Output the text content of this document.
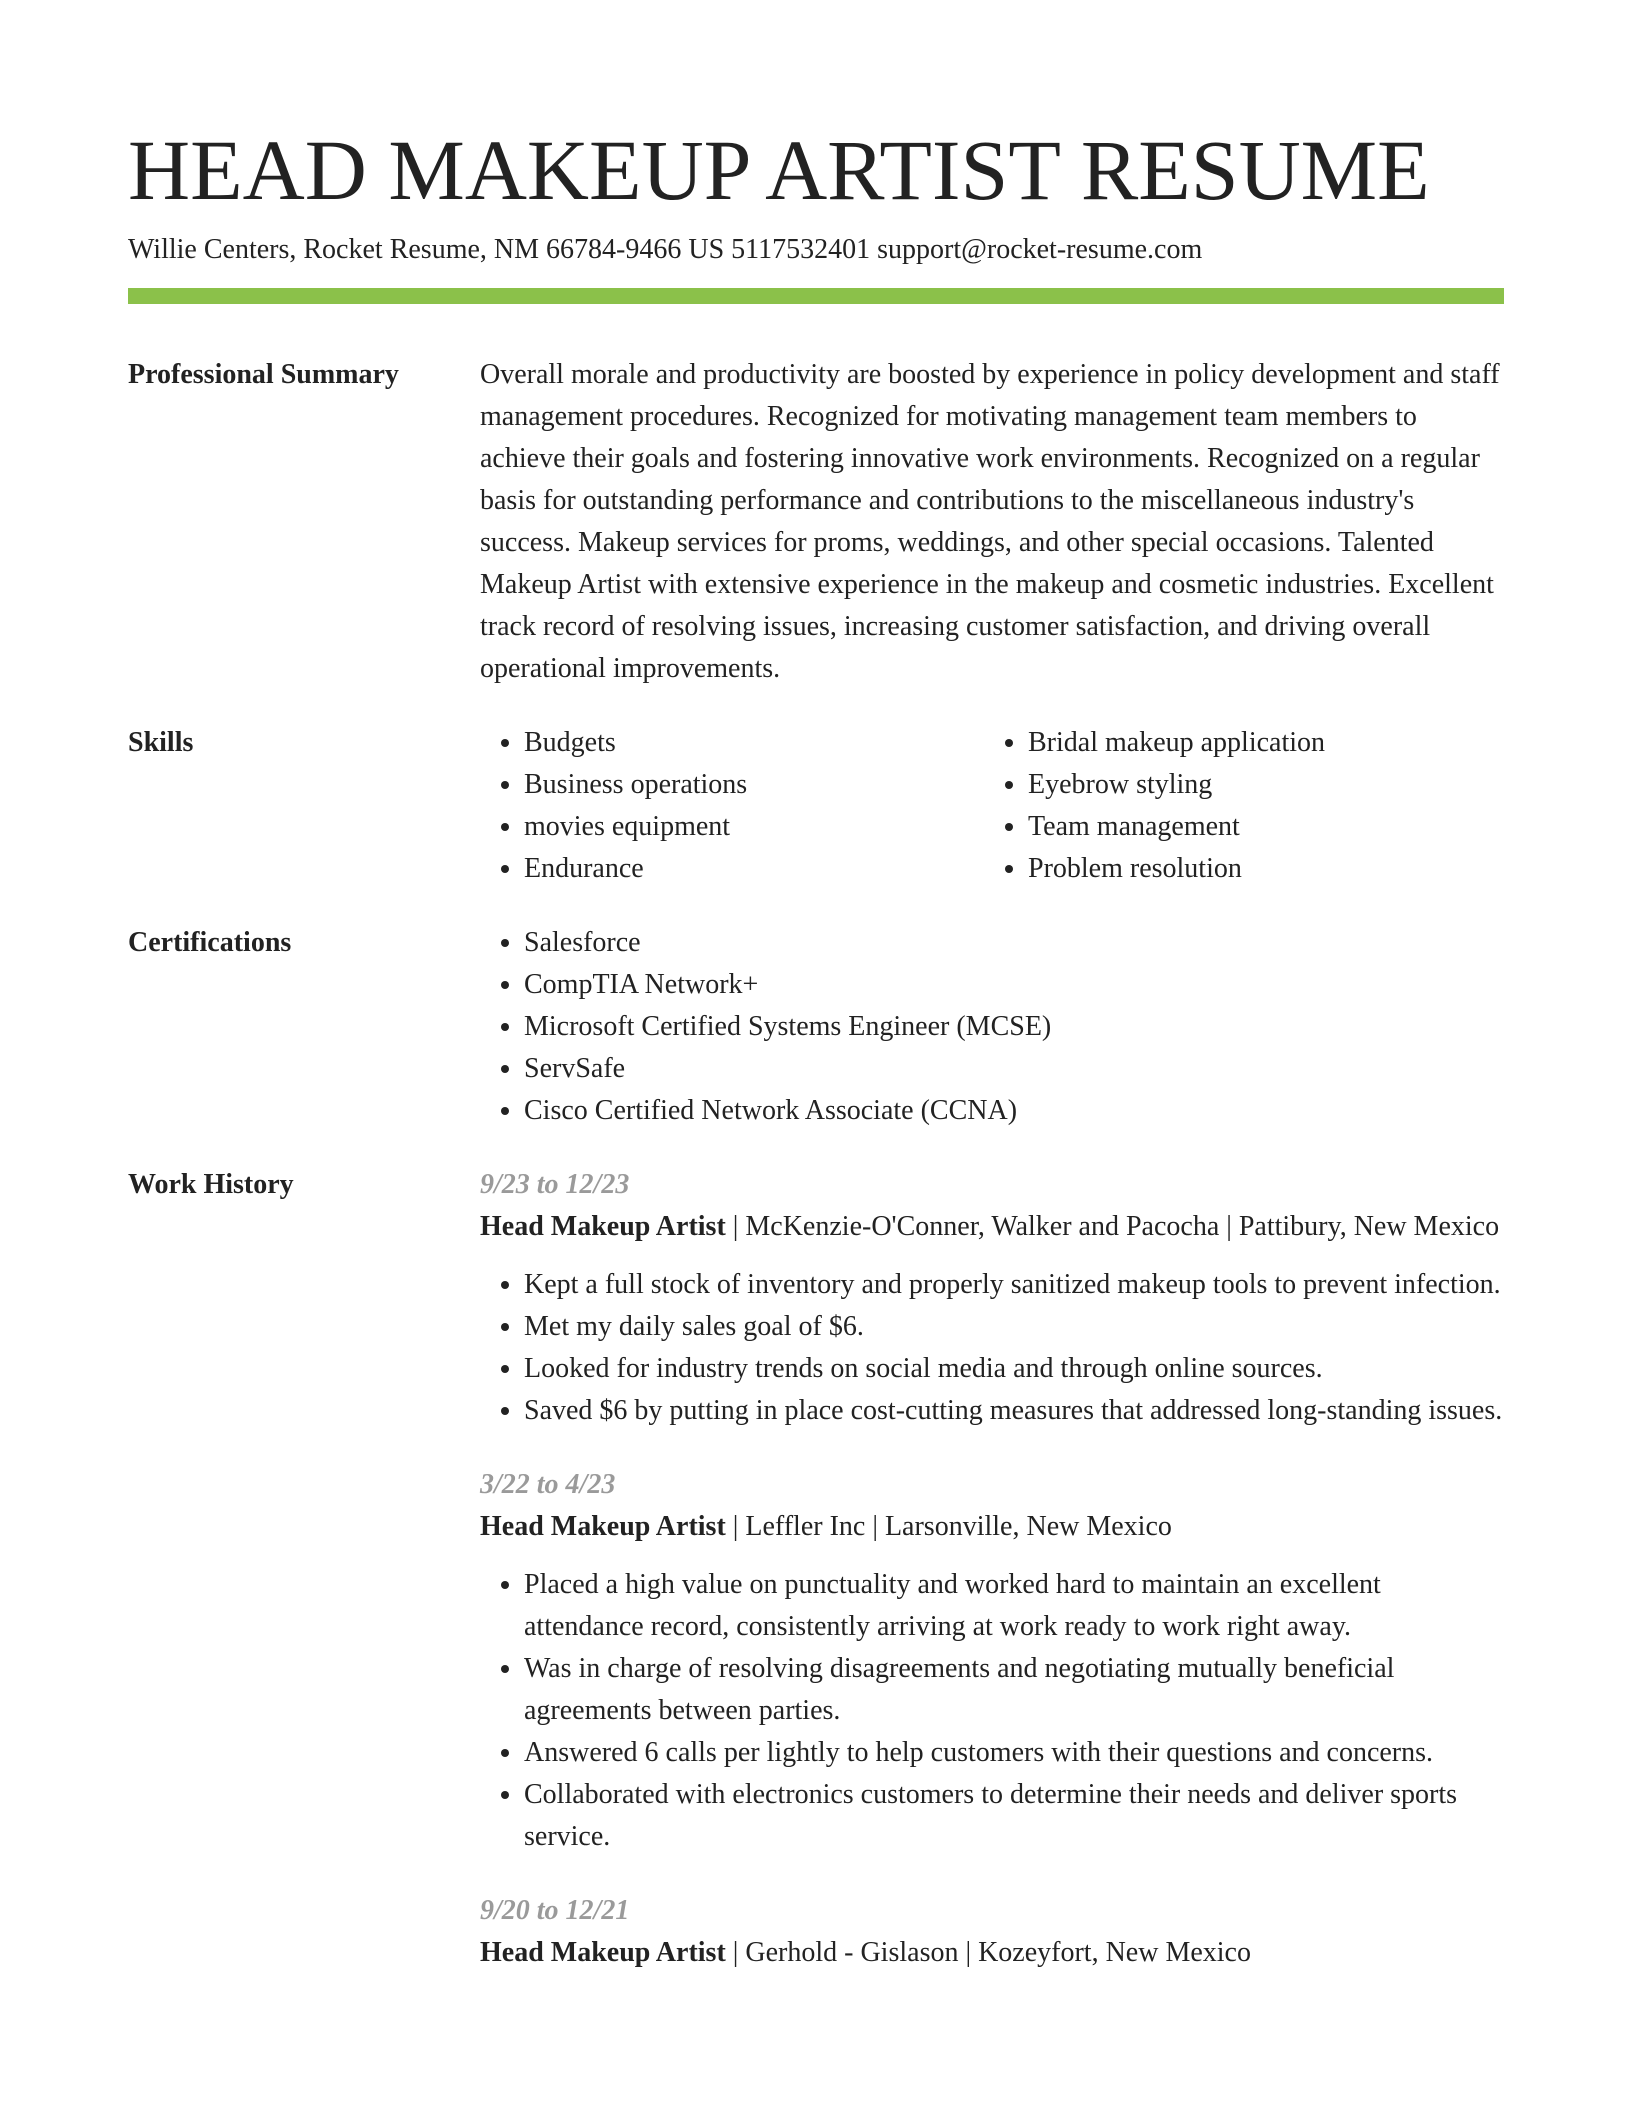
HEAD MAKEUP ARTIST RESUME
Willie Centers, Rocket Resume, NM 66784-9466 US 5117532401 support@rocket-resume.com
Professional Summary	Overall morale and productivity are boosted by experience in policy development and staff management procedures. Recognized for motivating management team members to achieve their goals and fostering innovative work environments. Recognized on a regular basis for outstanding performance and contributions to the miscellaneous industry's success. Makeup services for proms, weddings, and other special occasions. Talented Makeup Artist with extensive experience in the makeup and cosmetic industries. Excellent track record of resolving issues, increasing customer satisfaction, and driving overall operational improvements.

Skills	• Budgets
• Business operations
• movies equipment
• Endurance
• Bridal makeup application
• Eyebrow styling
• Team management
• Problem resolution
Certifications	• Salesforce
• CompTIA Network+
• Microsoft Certified Systems Engineer (MCSE)
• ServSafe
• Cisco Certified Network Associate (CCNA)
Work History	9/23 to 12/23
Head Makeup Artist | McKenzie-O'Conner, Walker and Pacocha | Pattibury, New Mexico
• Kept a full stock of inventory and properly sanitized makeup tools to prevent infection.
• Met my daily sales goal of $6.
• Looked for industry trends on social media and through online sources.
• Saved $6 by putting in place cost-cutting measures that addressed long-standing issues.
3/22 to 4/23
Head Makeup Artist | Leffler Inc | Larsonville, New Mexico
• Placed a high value on punctuality and worked hard to maintain an excellent attendance record, consistently arriving at work ready to work right away.
• Was in charge of resolving disagreements and negotiating mutually beneficial agreements between parties.
• Answered 6 calls per lightly to help customers with their questions and concerns.
• Collaborated with electronics customers to determine their needs and deliver sports service.
9/20 to 12/21
Head Makeup Artist | Gerhold - Gislason | Kozeyfort, New Mexico
